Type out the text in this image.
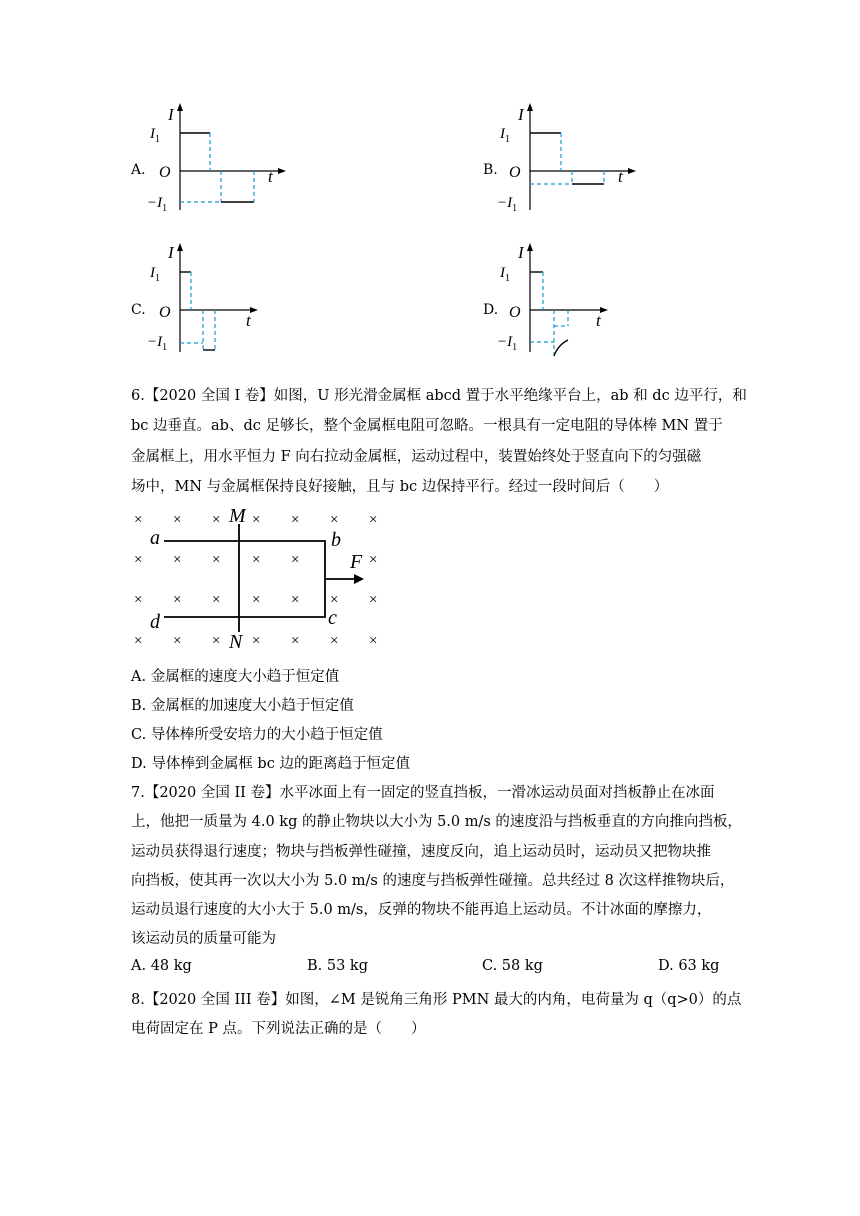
A.
I
t
O
$I_1$
$-I_1$
B.
I
t
O
$I_1$
$-I_1$
C.
I
t
O
$I_1$
$-I_1$
D.
I
t
O
$I_1$
$-I_1$
6.【2020 全国 I 卷】如图，U 形光滑金属框 abcd 置于水平绝缘平台上，ab 和 dc 边平行，和
bc 边垂直。ab、dc 足够长，整个金属框电阻可忽略。一根具有一定电阻的导体棒 MN 置于
金属框上，用水平恒力 F 向右拉动金属框，运动过程中，装置始终处于竖直向下的匀强磁
场中，MN 与金属框保持良好接触，且与 bc 边保持平行。经过一段时间后（　　）
× × × × × × ×
× × × × ×	×
× × × × × × ×
× × × × × × ×
M
N
a	b
c
d
F
A. 金属框的速度大小趋于恒定值
B. 金属框的加速度大小趋于恒定值
C. 导体棒所受安培力的大小趋于恒定值
D. 导体棒到金属框 bc 边的距离趋于恒定值
7.【2020 全国 II 卷】水平冰面上有一固定的竖直挡板，一滑冰运动员面对挡板静止在冰面
上，他把一质量为 4.0 kg 的静止物块以大小为 5.0 m/s 的速度沿与挡板垂直的方向推向挡板，
运动员获得退行速度；物块与挡板弹性碰撞，速度反向，追上运动员时，运动员又把物块推
向挡板，使其再一次以大小为 5.0 m/s 的速度与挡板弹性碰撞。总共经过 8 次这样推物块后，
运动员退行速度的大小大于 5.0 m/s，反弹的物块不能再追上运动员。不计冰面的摩擦力，
该运动员的质量可能为
A. 48 kg	B. 53 kg	C. 58 kg	D. 63 kg
8.【2020 全国 III 卷】如图，∠M 是锐角三角形 PMN 最大的内角，电荷量为 q（q>0）的点
电荷固定在 P 点。下列说法正确的是（　　）
